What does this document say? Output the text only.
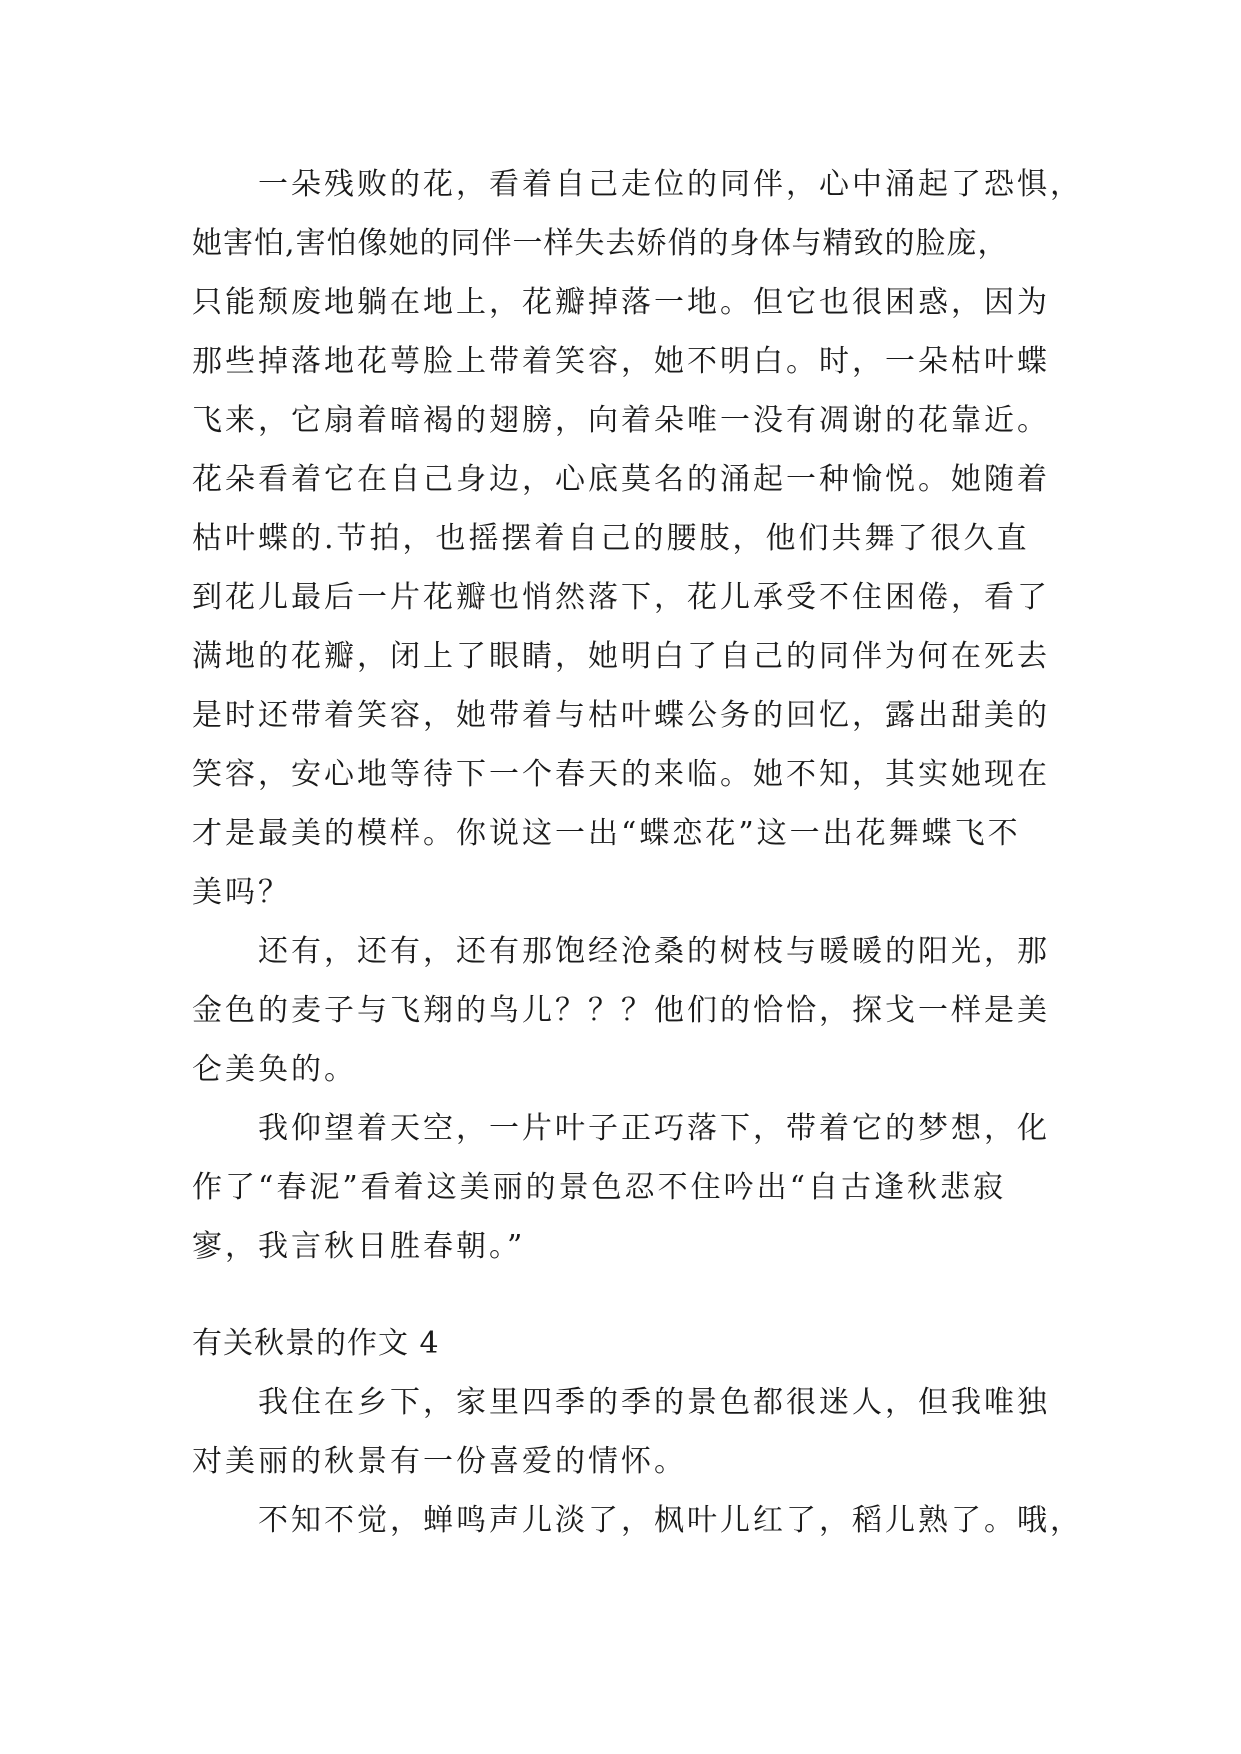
一朵残败的花，看着自己走位的同伴，心中涌起了恐惧，
她害怕,害怕像她的同伴一样失去娇俏的身体与精致的脸庞，
只能颓废地躺在地上，花瓣掉落一地。但它也很困惑，因为
那些掉落地花萼脸上带着笑容，她不明白。时，一朵枯叶蝶
飞来，它扇着暗褐的翅膀，向着朵唯一没有凋谢的花靠近。
花朵看着它在自己身边，心底莫名的涌起一种愉悦。她随着
枯叶蝶的.节拍，也摇摆着自己的腰肢，他们共舞了很久直
到花儿最后一片花瓣也悄然落下，花儿承受不住困倦，看了
满地的花瓣，闭上了眼睛，她明白了自己的同伴为何在死去
是时还带着笑容，她带着与枯叶蝶公务的回忆，露出甜美的
笑容，安心地等待下一个春天的来临。她不知，其实她现在
才是最美的模样。你说这一出“蝶恋花”这一出花舞蝶飞不
美吗？
还有，还有，还有那饱经沧桑的树枝与暖暖的阳光，那
金色的麦子与飞翔的鸟儿？？？他们的恰恰，探戈一样是美
仑美奂的。
我仰望着天空，一片叶子正巧落下，带着它的梦想，化
作了“春泥”看着这美丽的景色忍不住吟出“自古逢秋悲寂
寥，我言秋日胜春朝。”
有关秋景的作文 4
我住在乡下，家里四季的季的景色都很迷人，但我唯独
对美丽的秋景有一份喜爱的情怀。
不知不觉，蝉鸣声儿淡了，枫叶儿红了，稻儿熟了。哦，
